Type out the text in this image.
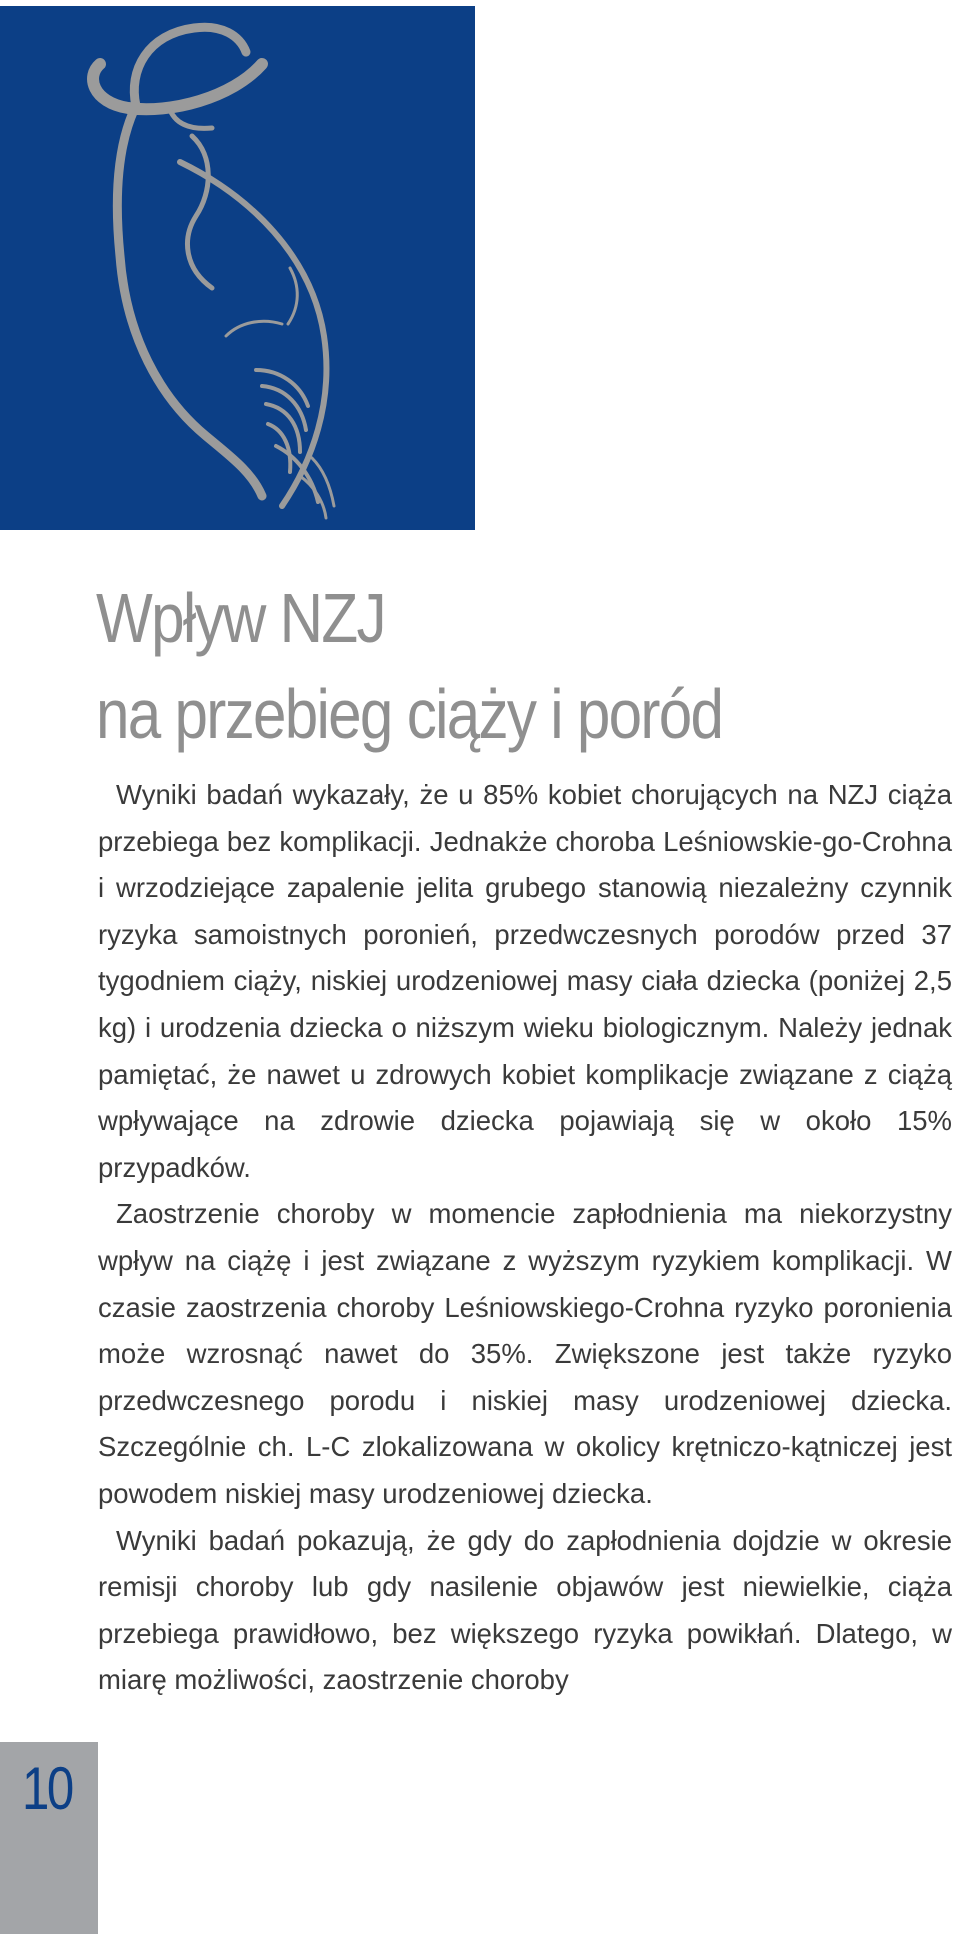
Wpływ NZJ
na przebieg ciąży i poród

Wyniki badań wykazały, że u 85% kobiet chorujących na NZJ ciąża przebiega bez komplikacji. Jednakże choroba Leśniowskie-go-Crohna i wrzodziejące zapalenie jelita grubego stanowią niezależny czynnik ryzyka samoistnych poronień, przedwczesnych porodów przed 37 tygodniem ciąży, niskiej urodzeniowej masy ciała dziecka (poniżej 2,5 kg) i urodzenia dziecka o niższym wieku biologicznym. Należy jednak pamiętać, że nawet u zdrowych kobiet komplikacje związane z ciążą wpływające na zdrowie dziecka pojawiają się w około 15% przypadków.

Zaostrzenie choroby w momencie zapłodnienia ma niekorzystny wpływ na ciążę i jest związane z wyższym ryzykiem komplikacji. W czasie zaostrzenia choroby Leśniowskiego-Crohna ryzyko poronienia może wzrosnąć nawet do 35%. Zwiększone jest także ryzyko przedwczesnego porodu i niskiej masy urodzeniowej dziecka. Szczególnie ch. L-C zlokalizowana w okolicy krętniczo-kątniczej jest powodem niskiej masy urodzeniowej dziecka.

Wyniki badań pokazują, że gdy do zapłodnienia dojdzie w okresie remisji choroby lub gdy nasilenie objawów jest niewielkie, ciąża przebiega prawidłowo, bez większego ryzyka powikłań. Dlatego, w miarę możliwości, zaostrzenie choroby

10
